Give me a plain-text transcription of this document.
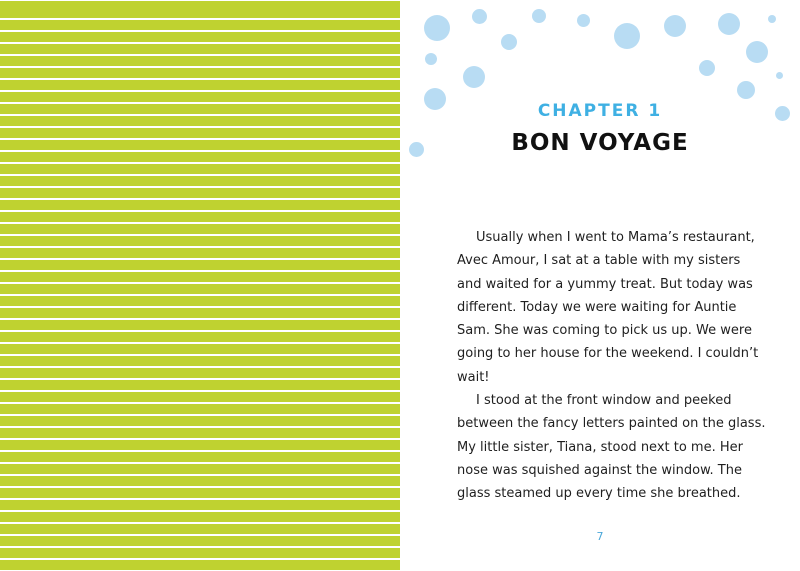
CHAPTER 1
BON VOYAGE
Usually when I went to Mama’s restaurant,
Avec Amour, I sat at a table with my sisters
and waited for a yummy treat. But today was
different. Today we were waiting for Auntie
Sam. She was coming to pick us up. We were
going to her house for the weekend. I couldn’t
wait!
I stood at the front window and peeked
between the fancy letters painted on the glass.
My little sister, Tiana, stood next to me. Her
nose was squished against the window. The
glass steamed up every time she breathed.
7
